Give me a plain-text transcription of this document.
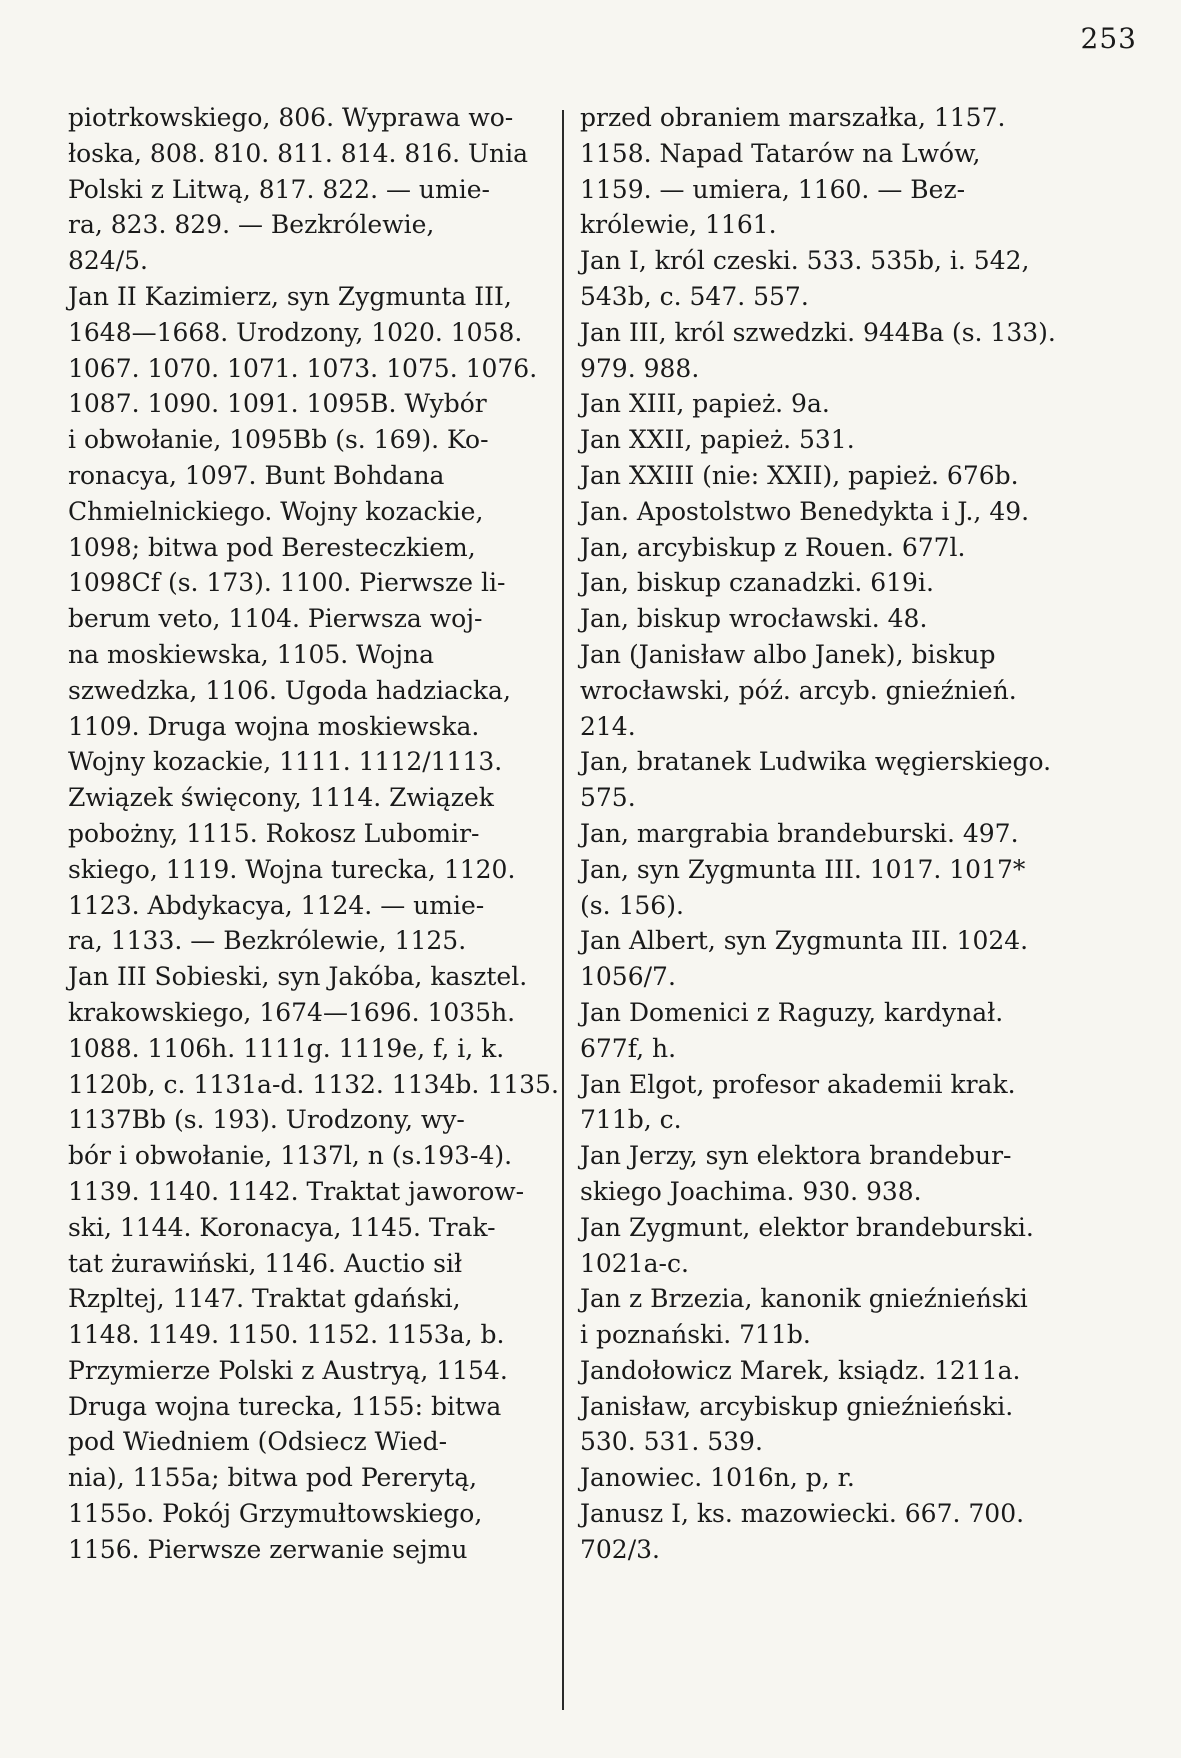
253
piotrkowskiego, 806. Wyprawa wo-
łoska, 808. 810. 811. 814. 816. Unia
Polski z Litwą, 817. 822. — umie-
ra, 823. 829. — Bezkrólewie,
824/5.
Jan II Kazimierz, syn Zygmunta III,
1648—1668. Urodzony, 1020. 1058.
1067. 1070. 1071. 1073. 1075. 1076.
1087. 1090. 1091. 1095B. Wybór
i obwołanie, 1095Bb (s. 169). Ko-
ronacya, 1097. Bunt Bohdana
Chmielnickiego. Wojny kozackie,
1098; bitwa pod Beresteczkiem,
1098Cf (s. 173). 1100. Pierwsze li-
berum veto, 1104. Pierwsza woj-
na moskiewska, 1105. Wojna
szwedzka, 1106. Ugoda hadziacka,
1109. Druga wojna moskiewska.
Wojny kozackie, 1111. 1112/1113.
Związek święcony, 1114. Związek
pobożny, 1115. Rokosz Lubomir-
skiego, 1119. Wojna turecka, 1120.
1123. Abdykacya, 1124. — umie-
ra, 1133. — Bezkrólewie, 1125.
Jan III Sobieski, syn Jakóba, kasztel.
krakowskiego, 1674—1696. 1035h.
1088. 1106h. 1111g. 1119e, f, i, k.
1120b, c. 1131a-d. 1132. 1134b. 1135.
1137Bb (s. 193). Urodzony, wy-
bór i obwołanie, 1137l, n (s.193-4).
1139. 1140. 1142. Traktat jaworow-
ski, 1144. Koronacya, 1145. Trak-
tat żurawiński, 1146. Auctio sił
Rzpltej, 1147. Traktat gdański,
1148. 1149. 1150. 1152. 1153a, b.
Przymierze Polski z Austryą, 1154.
Druga wojna turecka, 1155: bitwa
pod Wiedniem (Odsiecz Wied-
nia), 1155a; bitwa pod Pererytą,
1155o. Pokój Grzymułtowskiego,
1156. Pierwsze zerwanie sejmu
przed obraniem marszałka, 1157.
1158. Napad Tatarów na Lwów,
1159. — umiera, 1160. — Bez-
królewie, 1161.
Jan I, król czeski. 533. 535b, i. 542,
543b, c. 547. 557.
Jan III, król szwedzki. 944Ba (s. 133).
979. 988.
Jan XIII, papież. 9a.
Jan XXII, papież. 531.
Jan XXIII (nie: XXII), papież. 676b.
Jan. Apostolstwo Benedykta i J., 49.
Jan, arcybiskup z Rouen. 677l.
Jan, biskup czanadzki. 619i.
Jan, biskup wrocławski. 48.
Jan (Janisław albo Janek), biskup
wrocławski, póź. arcyb. gnieźnień.
214.
Jan, bratanek Ludwika węgierskiego.
575.
Jan, margrabia brandeburski. 497.
Jan, syn Zygmunta III. 1017. 1017*
(s. 156).
Jan Albert, syn Zygmunta III. 1024.
1056/7.
Jan Domenici z Raguzy, kardynał.
677f, h.
Jan Elgot, profesor akademii krak.
711b, c.
Jan Jerzy, syn elektora brandebur-
skiego Joachima. 930. 938.
Jan Zygmunt, elektor brandeburski.
1021a-c.
Jan z Brzezia, kanonik gnieźnieński
i poznański. 711b.
Jandołowicz Marek, ksiądz. 1211a.
Janisław, arcybiskup gnieźnieński.
530. 531. 539.
Janowiec. 1016n, p, r.
Janusz I, ks. mazowiecki. 667. 700.
702/3.
